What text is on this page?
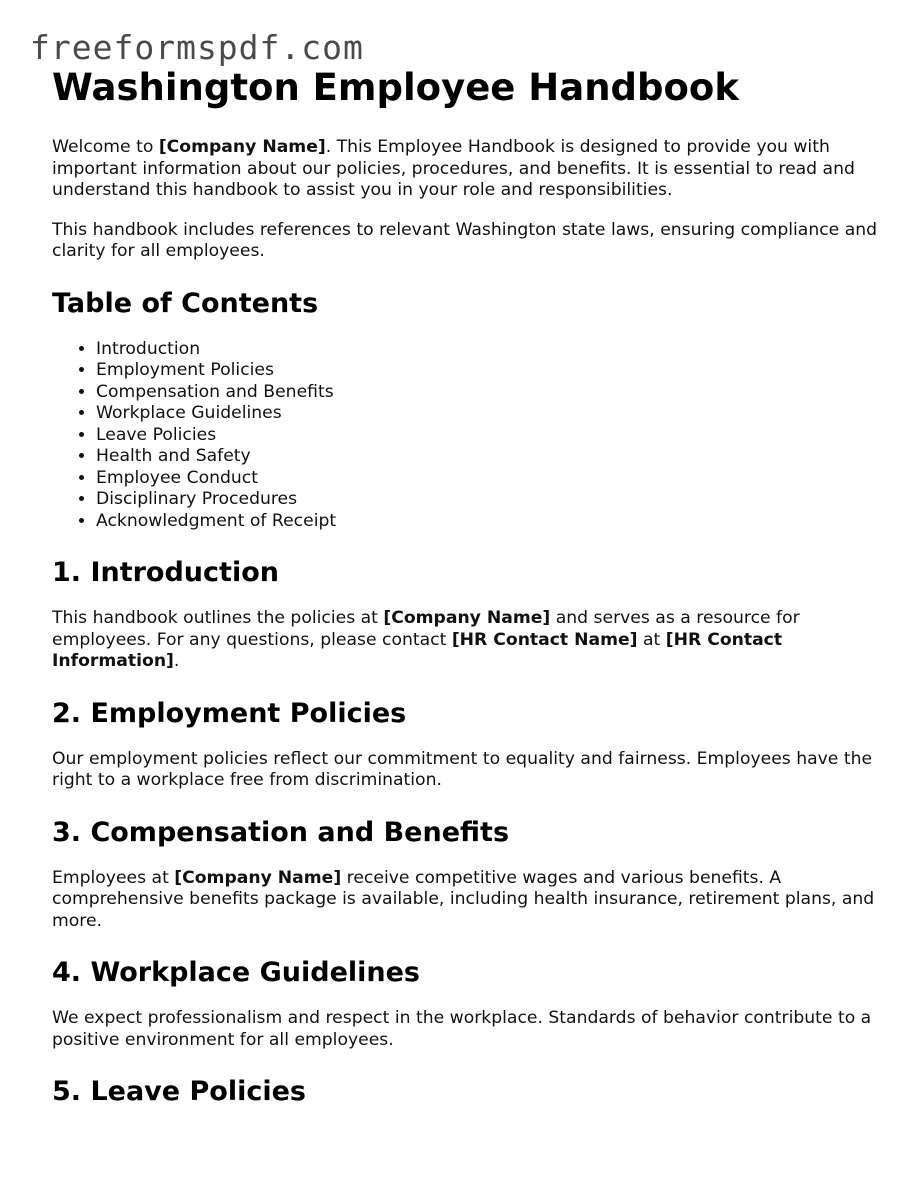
freeformspdf.com
Washington Employee Handbook

Welcome to [Company Name]. This Employee Handbook is designed to provide you with important information about our policies, procedures, and benefits. It is essential to read and understand this handbook to assist you in your role and responsibilities.

This handbook includes references to relevant Washington state laws, ensuring compliance and clarity for all employees.

Table of Contents
• Introduction
• Employment Policies
• Compensation and Benefits
• Workplace Guidelines
• Leave Policies
• Health and Safety
• Employee Conduct
• Disciplinary Procedures
• Acknowledgment of Receipt
1. Introduction

This handbook outlines the policies at [Company Name] and serves as a resource for employees. For any questions, please contact [HR Contact Name] at [HR Contact Information].

2. Employment Policies

Our employment policies reflect our commitment to equality and fairness. Employees have the right to a workplace free from discrimination.

3. Compensation and Benefits

Employees at [Company Name] receive competitive wages and various benefits. A comprehensive benefits package is available, including health insurance, retirement plans, and more.

4. Workplace Guidelines

We expect professionalism and respect in the workplace. Standards of behavior contribute to a positive environment for all employees.

5. Leave Policies
